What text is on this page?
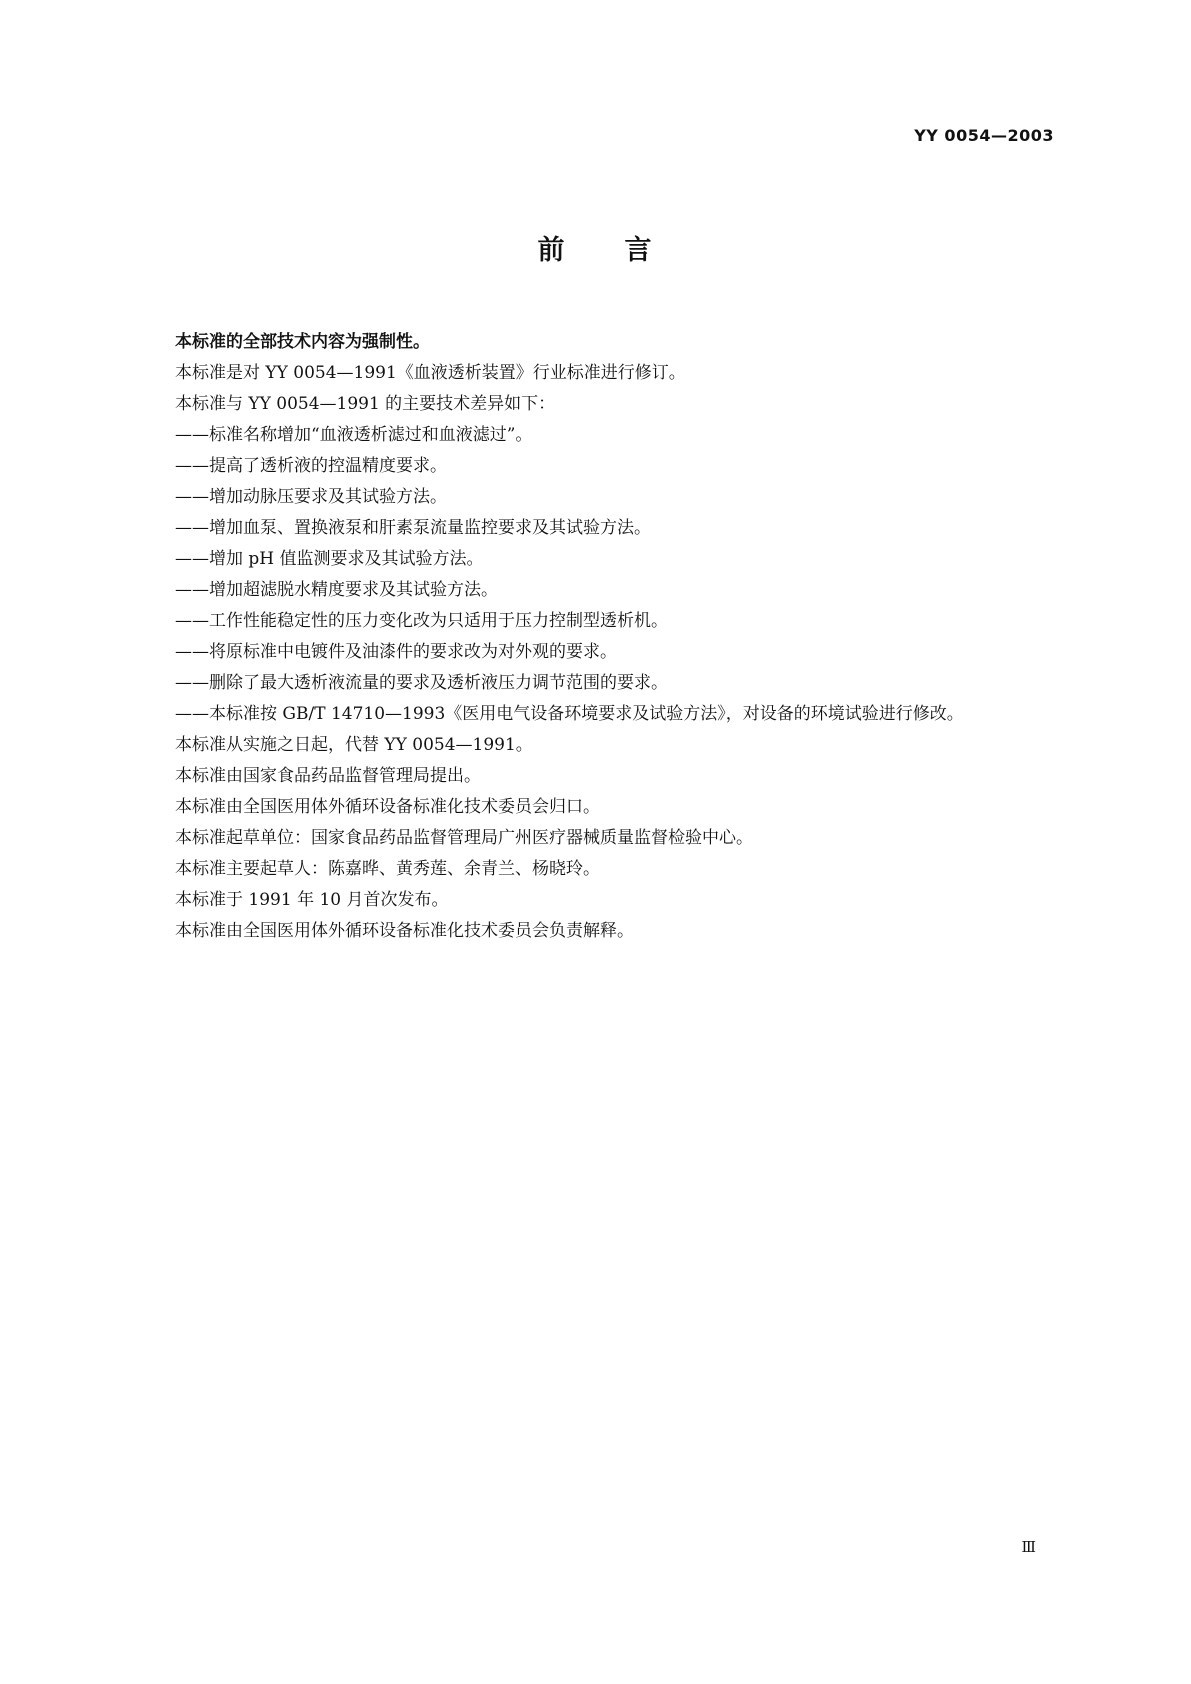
YY 0054—2003
前 言

本标准的全部技术内容为强制性。

本标准是对 YY 0054—1991《血液透析装置》行业标准进行修订。

本标准与 YY 0054—1991 的主要技术差异如下：

——标准名称增加“血液透析滤过和血液滤过”。

——提高了透析液的控温精度要求。

——增加动脉压要求及其试验方法。

——增加血泵、置换液泵和肝素泵流量监控要求及其试验方法。

——增加 pH 值监测要求及其试验方法。

——增加超滤脱水精度要求及其试验方法。

——工作性能稳定性的压力变化改为只适用于压力控制型透析机。

——将原标准中电镀件及油漆件的要求改为对外观的要求。

——删除了最大透析液流量的要求及透析液压力调节范围的要求。

——本标准按 GB/T 14710—1993《医用电气设备环境要求及试验方法》，对设备的环境试验进行修改。

本标准从实施之日起，代替 YY 0054—1991。

本标准由国家食品药品监督管理局提出。

本标准由全国医用体外循环设备标准化技术委员会归口。

本标准起草单位：国家食品药品监督管理局广州医疗器械质量监督检验中心。

本标准主要起草人：陈嘉晔、黄秀莲、余青兰、杨晓玲。

本标准于 1991 年 10 月首次发布。

本标准由全国医用体外循环设备标准化技术委员会负责解释。

Ⅲ
